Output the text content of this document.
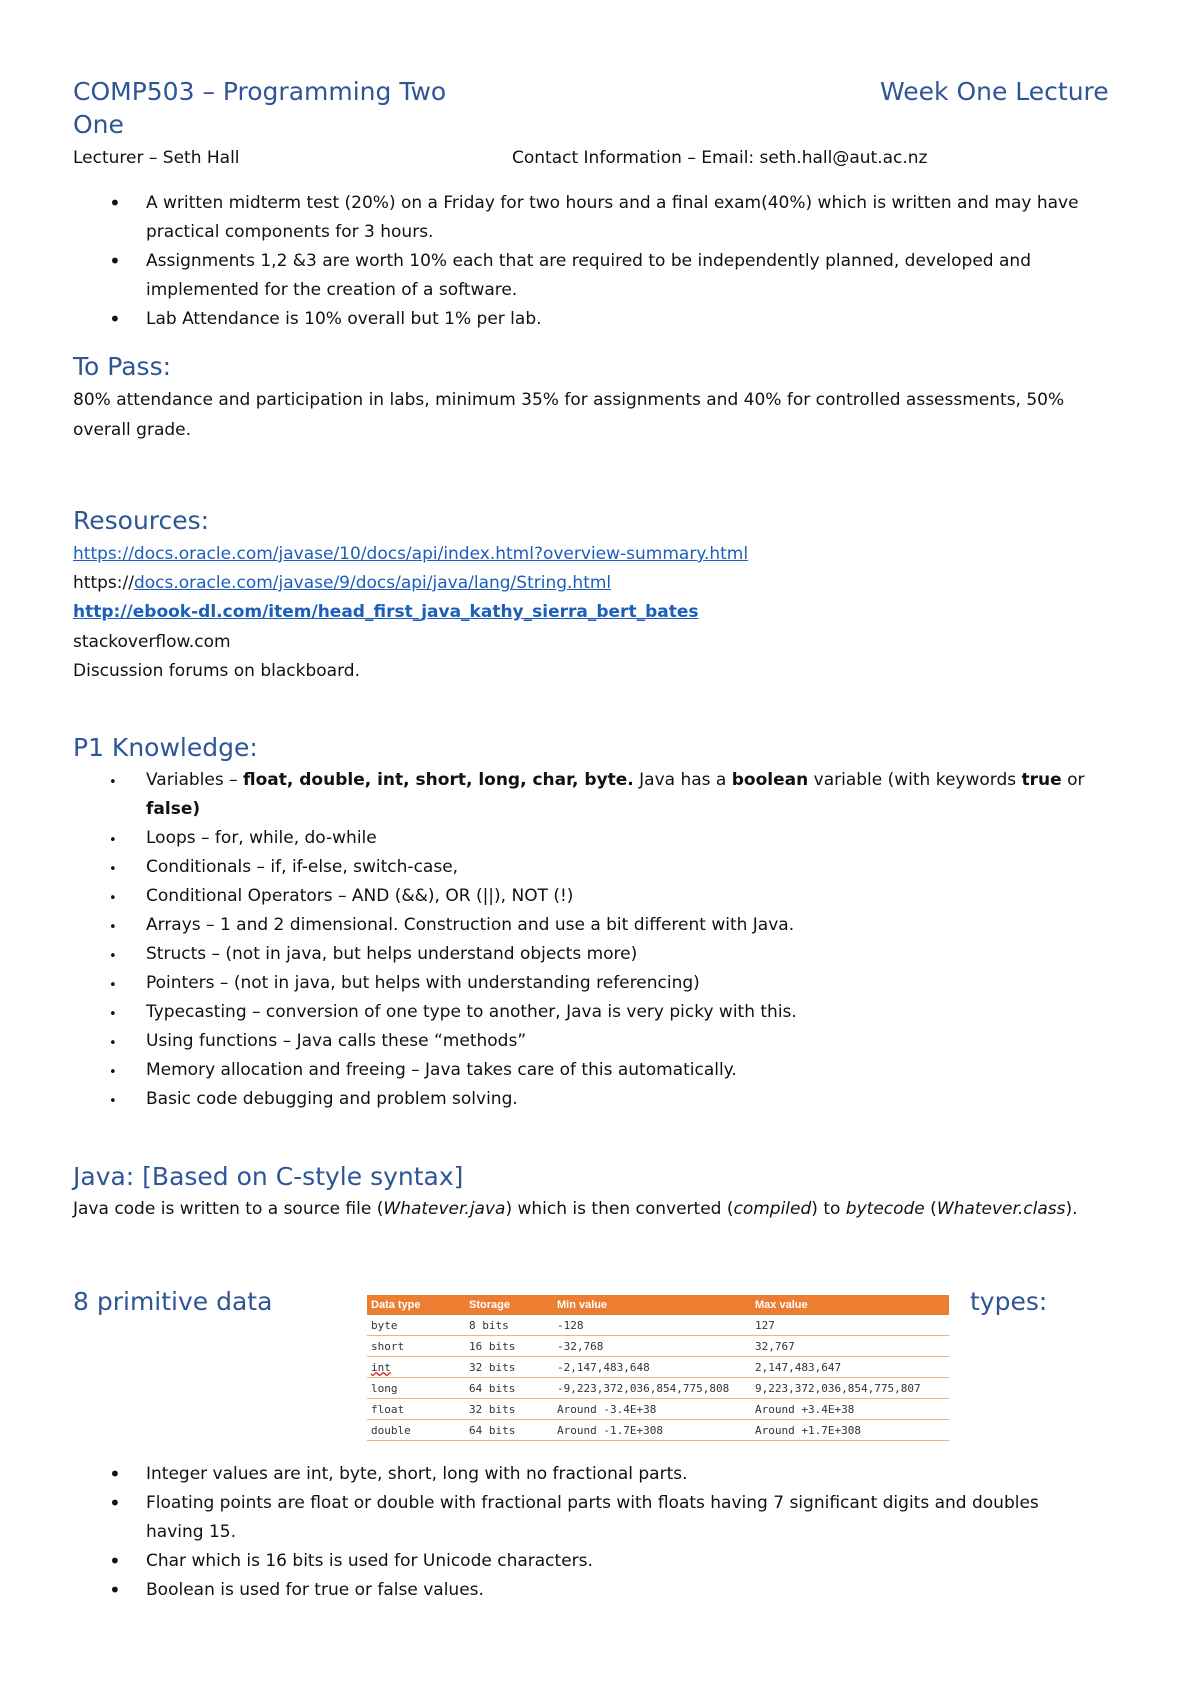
COMP503 – Programming Two	Week One Lecture
One
Lecturer – Seth Hall	Contact Information – Email: seth.hall@aut.ac.nz
• A written midterm test (20%) on a Friday for two hours and a final exam(40%) which is written and may have
practical components for 3 hours.
• Assignments 1,2 &3 are worth 10% each that are required to be independently planned, developed and
implemented for the creation of a software.
• Lab Attendance is 10% overall but 1% per lab.
To Pass:
80% attendance and participation in labs, minimum 35% for assignments and 40% for controlled assessments, 50%
overall grade.
Resources:
https://docs.oracle.com/javase/10/docs/api/index.html?overview-summary.html
https://docs.oracle.com/javase/9/docs/api/java/lang/String.html
http://ebook-dl.com/item/head_first_java_kathy_sierra_bert_bates
stackoverflow.com
Discussion forums on blackboard.
P1 Knowledge:
• Variables – float, double, int, short, long, char, byte. Java has a boolean variable (with keywords true or
false)
• Loops – for, while, do-while
• Conditionals – if, if-else, switch-case,
• Conditional Operators – AND (&&), OR (||), NOT (!)
• Arrays – 1 and 2 dimensional. Construction and use a bit different with Java.
• Structs – (not in java, but helps understand objects more)
• Pointers – (not in java, but helps with understanding referencing)
• Typecasting – conversion of one type to another, Java is very picky with this.
• Using functions – Java calls these “methods”
• Memory allocation and freeing – Java takes care of this automatically.
• Basic code debugging and problem solving.
Java: [Based on C-style syntax]
Java code is written to a source file (Whatever.java) which is then converted (compiled) to bytecode (Whatever.class).
8 primitive data	types:
Data type	Storage	Min value	Max value
byte	8 bits	-128	127
short	16 bits	-32,768	32,767
int	32 bits	-2,147,483,648	2,147,483,647
long	64 bits	-9,223,372,036,854,775,808	9,223,372,036,854,775,807
float	32 bits	Around -3.4E+38	Around +3.4E+38
double	64 bits	Around -1.7E+308	Around +1.7E+308
• Integer values are int, byte, short, long with no fractional parts.
• Floating points are float or double with fractional parts with floats having 7 significant digits and doubles
having 15.
• Char which is 16 bits is used for Unicode characters.
• Boolean is used for true or false values.
